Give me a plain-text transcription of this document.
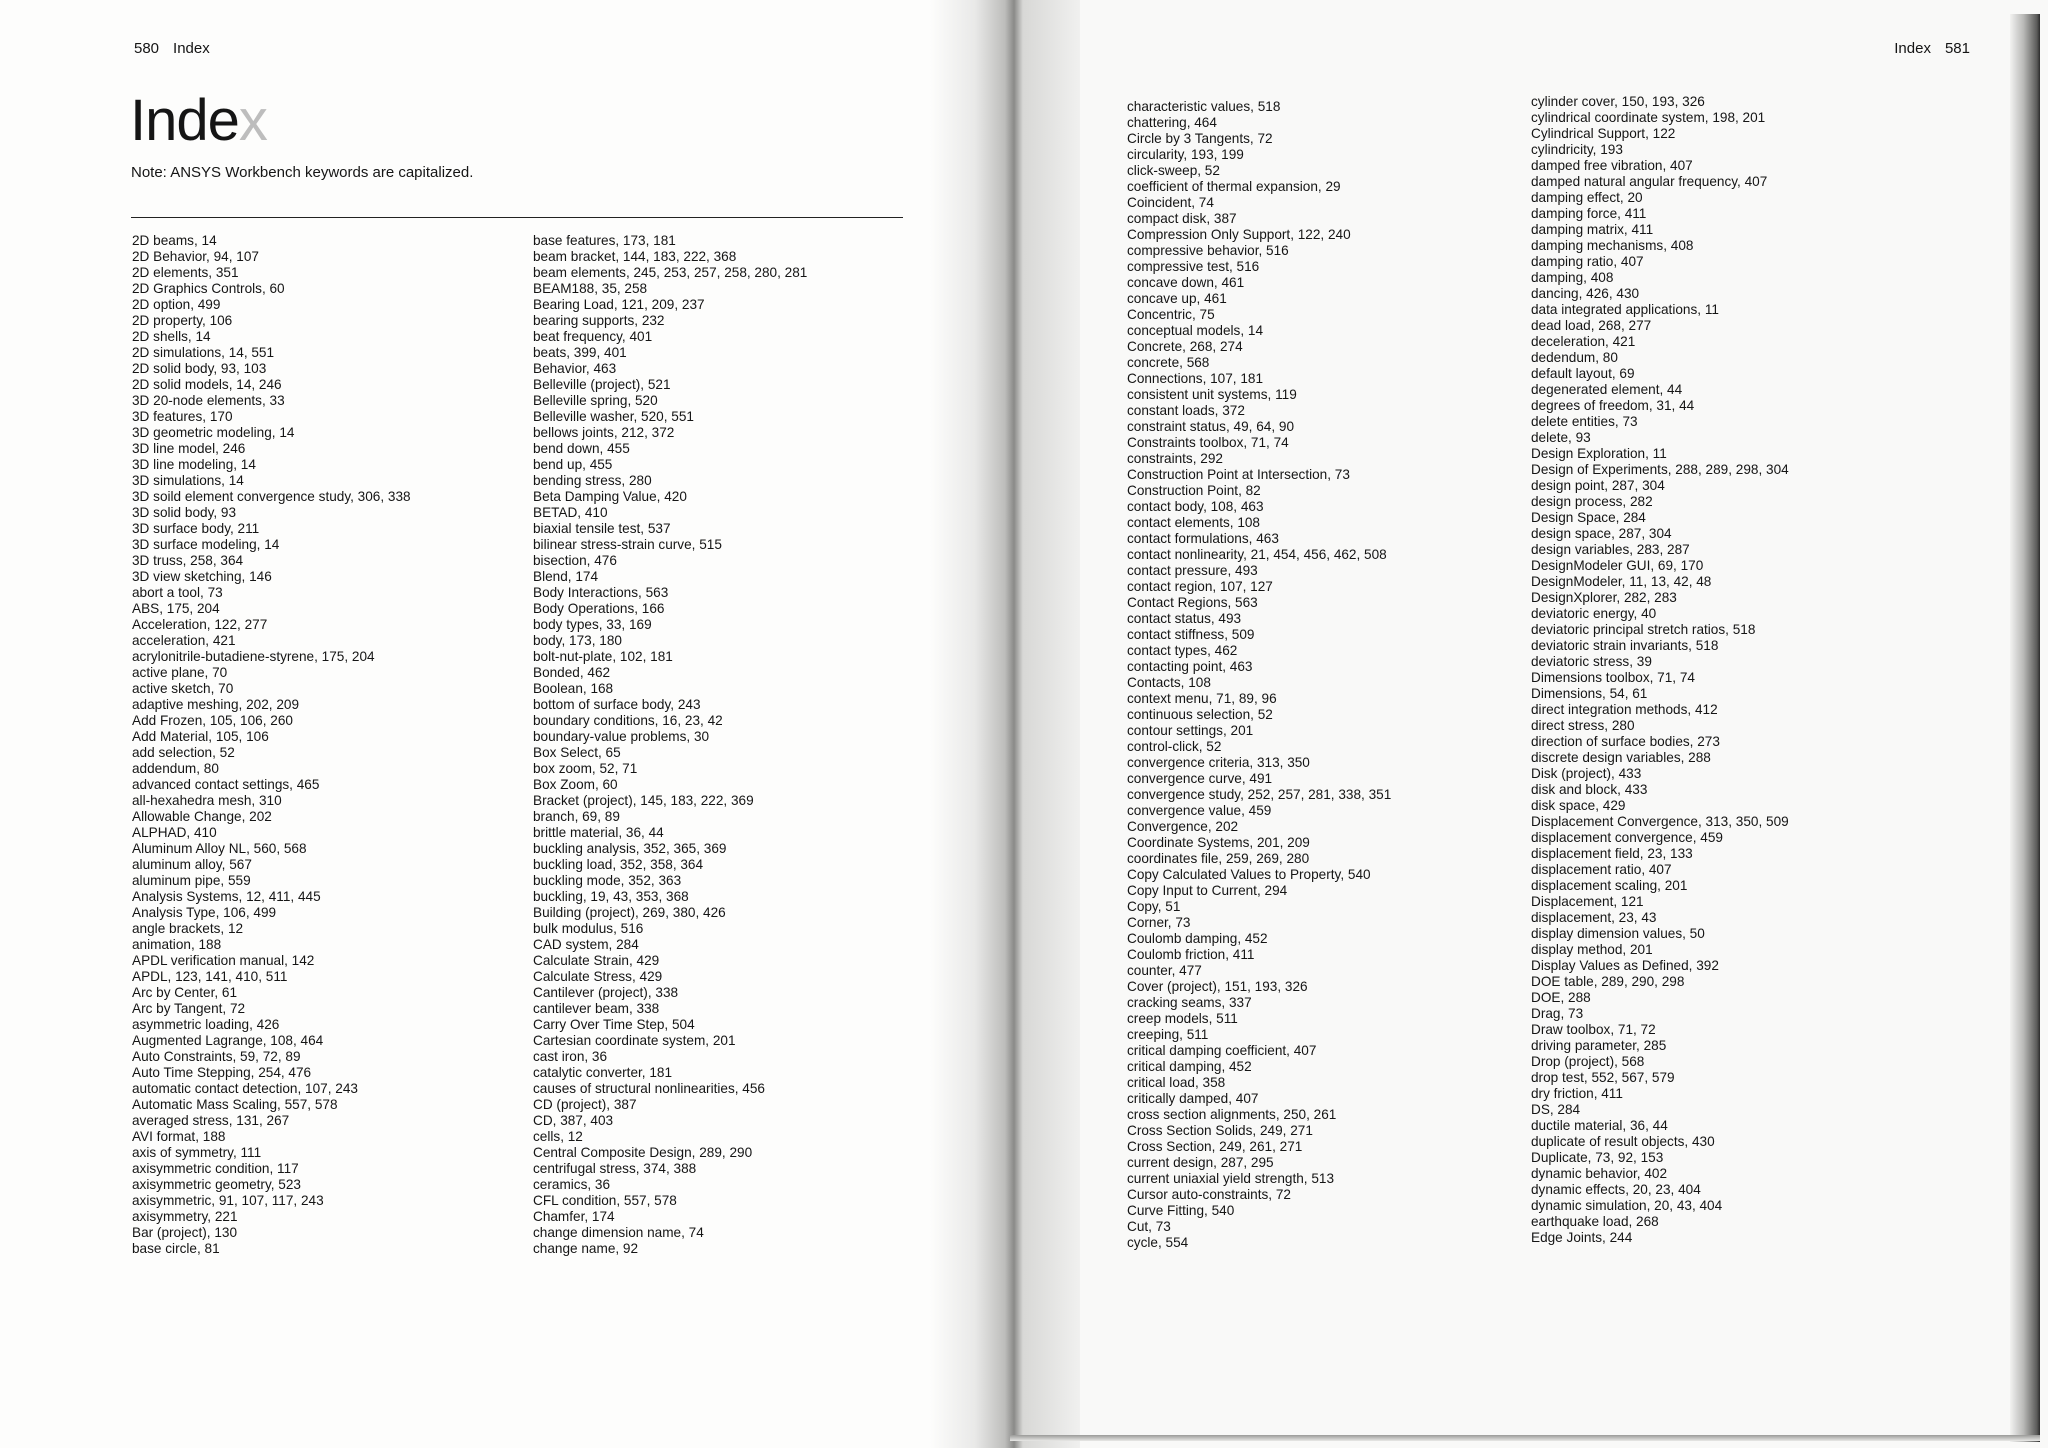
580 Index
Index
Note: ANSYS Workbench keywords are capitalized.
2D beams, 14
2D Behavior, 94, 107
2D elements, 351
2D Graphics Controls, 60
2D option, 499
2D property, 106
2D shells, 14
2D simulations, 14, 551
2D solid body, 93, 103
2D solid models, 14, 246
3D 20-node elements, 33
3D features, 170
3D geometric modeling, 14
3D line model, 246
3D line modeling, 14
3D simulations, 14
3D soild element convergence study, 306, 338
3D solid body, 93
3D surface body, 211
3D surface modeling, 14
3D truss, 258, 364
3D view sketching, 146
abort a tool, 73
ABS, 175, 204
Acceleration, 122, 277
acceleration, 421
acrylonitrile-butadiene-styrene, 175, 204
active plane, 70
active sketch, 70
adaptive meshing, 202, 209
Add Frozen, 105, 106, 260
Add Material, 105, 106
add selection, 52
addendum, 80
advanced contact settings, 465
all-hexahedra mesh, 310
Allowable Change, 202
ALPHAD, 410
Aluminum Alloy NL, 560, 568
aluminum alloy, 567
aluminum pipe, 559
Analysis Systems, 12, 411, 445
Analysis Type, 106, 499
angle brackets, 12
animation, 188
APDL verification manual, 142
APDL, 123, 141, 410, 511
Arc by Center, 61
Arc by Tangent, 72
asymmetric loading, 426
Augmented Lagrange, 108, 464
Auto Constraints, 59, 72, 89
Auto Time Stepping, 254, 476
automatic contact detection, 107, 243
Automatic Mass Scaling, 557, 578
averaged stress, 131, 267
AVI format, 188
axis of symmetry, 111
axisymmetric condition, 117
axisymmetric geometry, 523
axisymmetric, 91, 107, 117, 243
axisymmetry, 221
Bar (project), 130
base circle, 81
base features, 173, 181
beam bracket, 144, 183, 222, 368
beam elements, 245, 253, 257, 258, 280, 281
BEAM188, 35, 258
Bearing Load, 121, 209, 237
bearing supports, 232
beat frequency, 401
beats, 399, 401
Behavior, 463
Belleville (project), 521
Belleville spring, 520
Belleville washer, 520, 551
bellows joints, 212, 372
bend down, 455
bend up, 455
bending stress, 280
Beta Damping Value, 420
BETAD, 410
biaxial tensile test, 537
bilinear stress-strain curve, 515
bisection, 476
Blend, 174
Body Interactions, 563
Body Operations, 166
body types, 33, 169
body, 173, 180
bolt-nut-plate, 102, 181
Bonded, 462
Boolean, 168
bottom of surface body, 243
boundary conditions, 16, 23, 42
boundary-value problems, 30
Box Select, 65
box zoom, 52, 71
Box Zoom, 60
Bracket (project), 145, 183, 222, 369
branch, 69, 89
brittle material, 36, 44
buckling analysis, 352, 365, 369
buckling load, 352, 358, 364
buckling mode, 352, 363
buckling, 19, 43, 353, 368
Building (project), 269, 380, 426
bulk modulus, 516
CAD system, 284
Calculate Strain, 429
Calculate Stress, 429
Cantilever (project), 338
cantilever beam, 338
Carry Over Time Step, 504
Cartesian coordinate system, 201
cast iron, 36
catalytic converter, 181
causes of structural nonlinearities, 456
CD (project), 387
CD, 387, 403
cells, 12
Central Composite Design, 289, 290
centrifugal stress, 374, 388
ceramics, 36
CFL condition, 557, 578
Chamfer, 174
change dimension name, 74
change name, 92
Index 581
characteristic values, 518
chattering, 464
Circle by 3 Tangents, 72
circularity, 193, 199
click-sweep, 52
coefficient of thermal expansion, 29
Coincident, 74
compact disk, 387
Compression Only Support, 122, 240
compressive behavior, 516
compressive test, 516
concave down, 461
concave up, 461
Concentric, 75
conceptual models, 14
Concrete, 268, 274
concrete, 568
Connections, 107, 181
consistent unit systems, 119
constant loads, 372
constraint status, 49, 64, 90
Constraints toolbox, 71, 74
constraints, 292
Construction Point at Intersection, 73
Construction Point, 82
contact body, 108, 463
contact elements, 108
contact formulations, 463
contact nonlinearity, 21, 454, 456, 462, 508
contact pressure, 493
contact region, 107, 127
Contact Regions, 563
contact status, 493
contact stiffness, 509
contact types, 462
contacting point, 463
Contacts, 108
context menu, 71, 89, 96
continuous selection, 52
contour settings, 201
control-click, 52
convergence criteria, 313, 350
convergence curve, 491
convergence study, 252, 257, 281, 338, 351
convergence value, 459
Convergence, 202
Coordinate Systems, 201, 209
coordinates file, 259, 269, 280
Copy Calculated Values to Property, 540
Copy Input to Current, 294
Copy, 51
Corner, 73
Coulomb damping, 452
Coulomb friction, 411
counter, 477
Cover (project), 151, 193, 326
cracking seams, 337
creep models, 511
creeping, 511
critical damping coefficient, 407
critical damping, 452
critical load, 358
critically damped, 407
cross section alignments, 250, 261
Cross Section Solids, 249, 271
Cross Section, 249, 261, 271
current design, 287, 295
current uniaxial yield strength, 513
Cursor auto-constraints, 72
Curve Fitting, 540
Cut, 73
cycle, 554
cylinder cover, 150, 193, 326
cylindrical coordinate system, 198, 201
Cylindrical Support, 122
cylindricity, 193
damped free vibration, 407
damped natural angular frequency, 407
damping effect, 20
damping force, 411
damping matrix, 411
damping mechanisms, 408
damping ratio, 407
damping, 408
dancing, 426, 430
data integrated applications, 11
dead load, 268, 277
deceleration, 421
dedendum, 80
default layout, 69
degenerated element, 44
degrees of freedom, 31, 44
delete entities, 73
delete, 93
Design Exploration, 11
Design of Experiments, 288, 289, 298, 304
design point, 287, 304
design process, 282
Design Space, 284
design space, 287, 304
design variables, 283, 287
DesignModeler GUI, 69, 170
DesignModeler, 11, 13, 42, 48
DesignXplorer, 282, 283
deviatoric energy, 40
deviatoric principal stretch ratios, 518
deviatoric strain invariants, 518
deviatoric stress, 39
Dimensions toolbox, 71, 74
Dimensions, 54, 61
direct integration methods, 412
direct stress, 280
direction of surface bodies, 273
discrete design variables, 288
Disk (project), 433
disk and block, 433
disk space, 429
Displacement Convergence, 313, 350, 509
displacement convergence, 459
displacement field, 23, 133
displacement ratio, 407
displacement scaling, 201
Displacement, 121
displacement, 23, 43
display dimension values, 50
display method, 201
Display Values as Defined, 392
DOE table, 289, 290, 298
DOE, 288
Drag, 73
Draw toolbox, 71, 72
driving parameter, 285
Drop (project), 568
drop test, 552, 567, 579
dry friction, 411
DS, 284
ductile material, 36, 44
duplicate of result objects, 430
Duplicate, 73, 92, 153
dynamic behavior, 402
dynamic effects, 20, 23, 404
dynamic simulation, 20, 43, 404
earthquake load, 268
Edge Joints, 244
